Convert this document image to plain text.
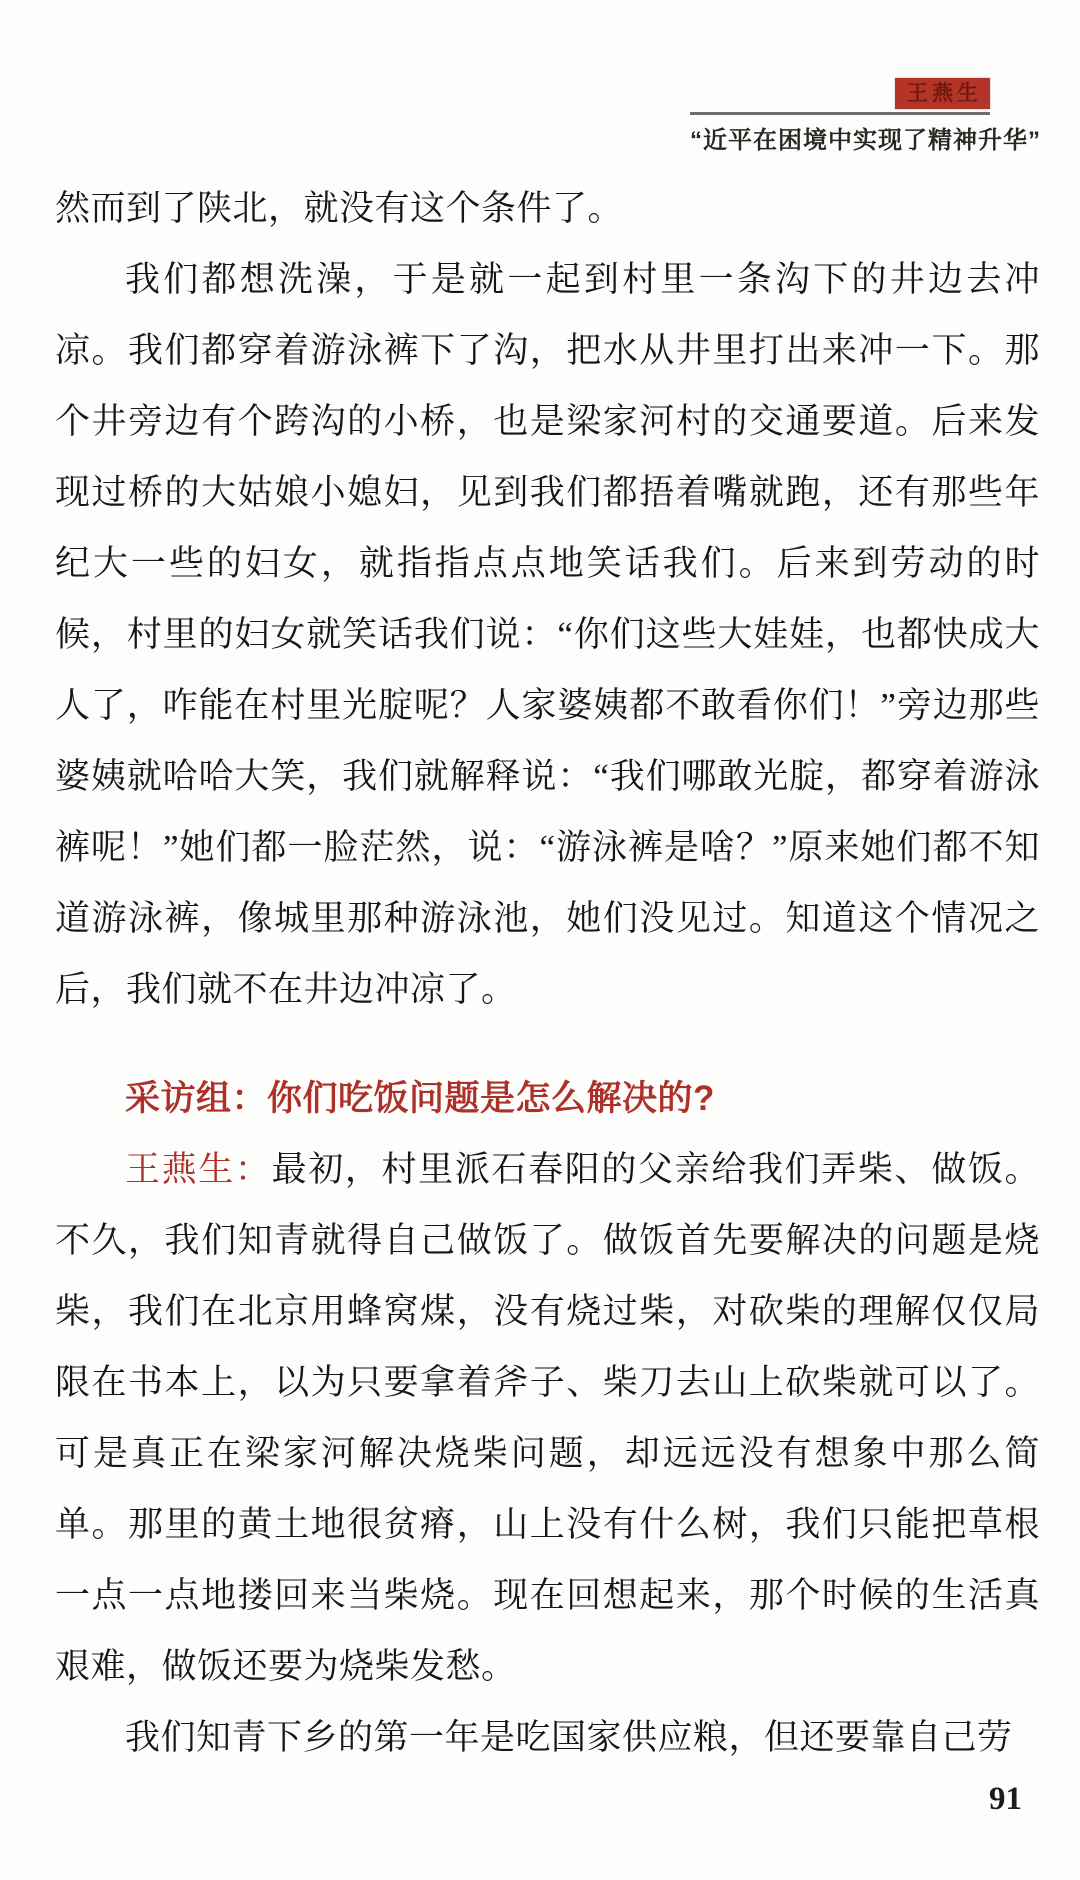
王燕生
“近平在困境中实现了精神升华”

然而到了陕北，就没有这个条件了。

我们都想洗澡，于是就一起到村里一条沟下的井边去冲凉。我们都穿着游泳裤下了沟，把水从井里打出来冲一下。那个井旁边有个跨沟的小桥，也是梁家河村的交通要道。后来发现过桥的大姑娘小媳妇，见到我们都捂着嘴就跑，还有那些年纪大一些的妇女，就指指点点地笑话我们。后来到劳动的时候，村里的妇女就笑话我们说：“你们这些大娃娃，也都快成大人了，咋能在村里光腚呢？人家婆姨都不敢看你们！”旁边那些婆姨就哈哈大笑，我们就解释说：“我们哪敢光腚，都穿着游泳裤呢！”她们都一脸茫然，说：“游泳裤是啥？”原来她们都不知道游泳裤，像城里那种游泳池，她们没见过。知道这个情况之后，我们就不在井边冲凉了。

采访组：你们吃饭问题是怎么解决的?

王燕生：最初，村里派石春阳的父亲给我们弄柴、做饭。不久，我们知青就得自己做饭了。做饭首先要解决的问题是烧柴，我们在北京用蜂窝煤，没有烧过柴，对砍柴的理解仅仅局限在书本上，以为只要拿着斧子、柴刀去山上砍柴就可以了。可是真正在梁家河解决烧柴问题，却远远没有想象中那么简单。那里的黄土地很贫瘠，山上没有什么树，我们只能把草根一点一点地搂回来当柴烧。现在回想起来，那个时候的生活真艰难，做饭还要为烧柴发愁。

我们知青下乡的第一年是吃国家供应粮，但还要靠自己劳

91
